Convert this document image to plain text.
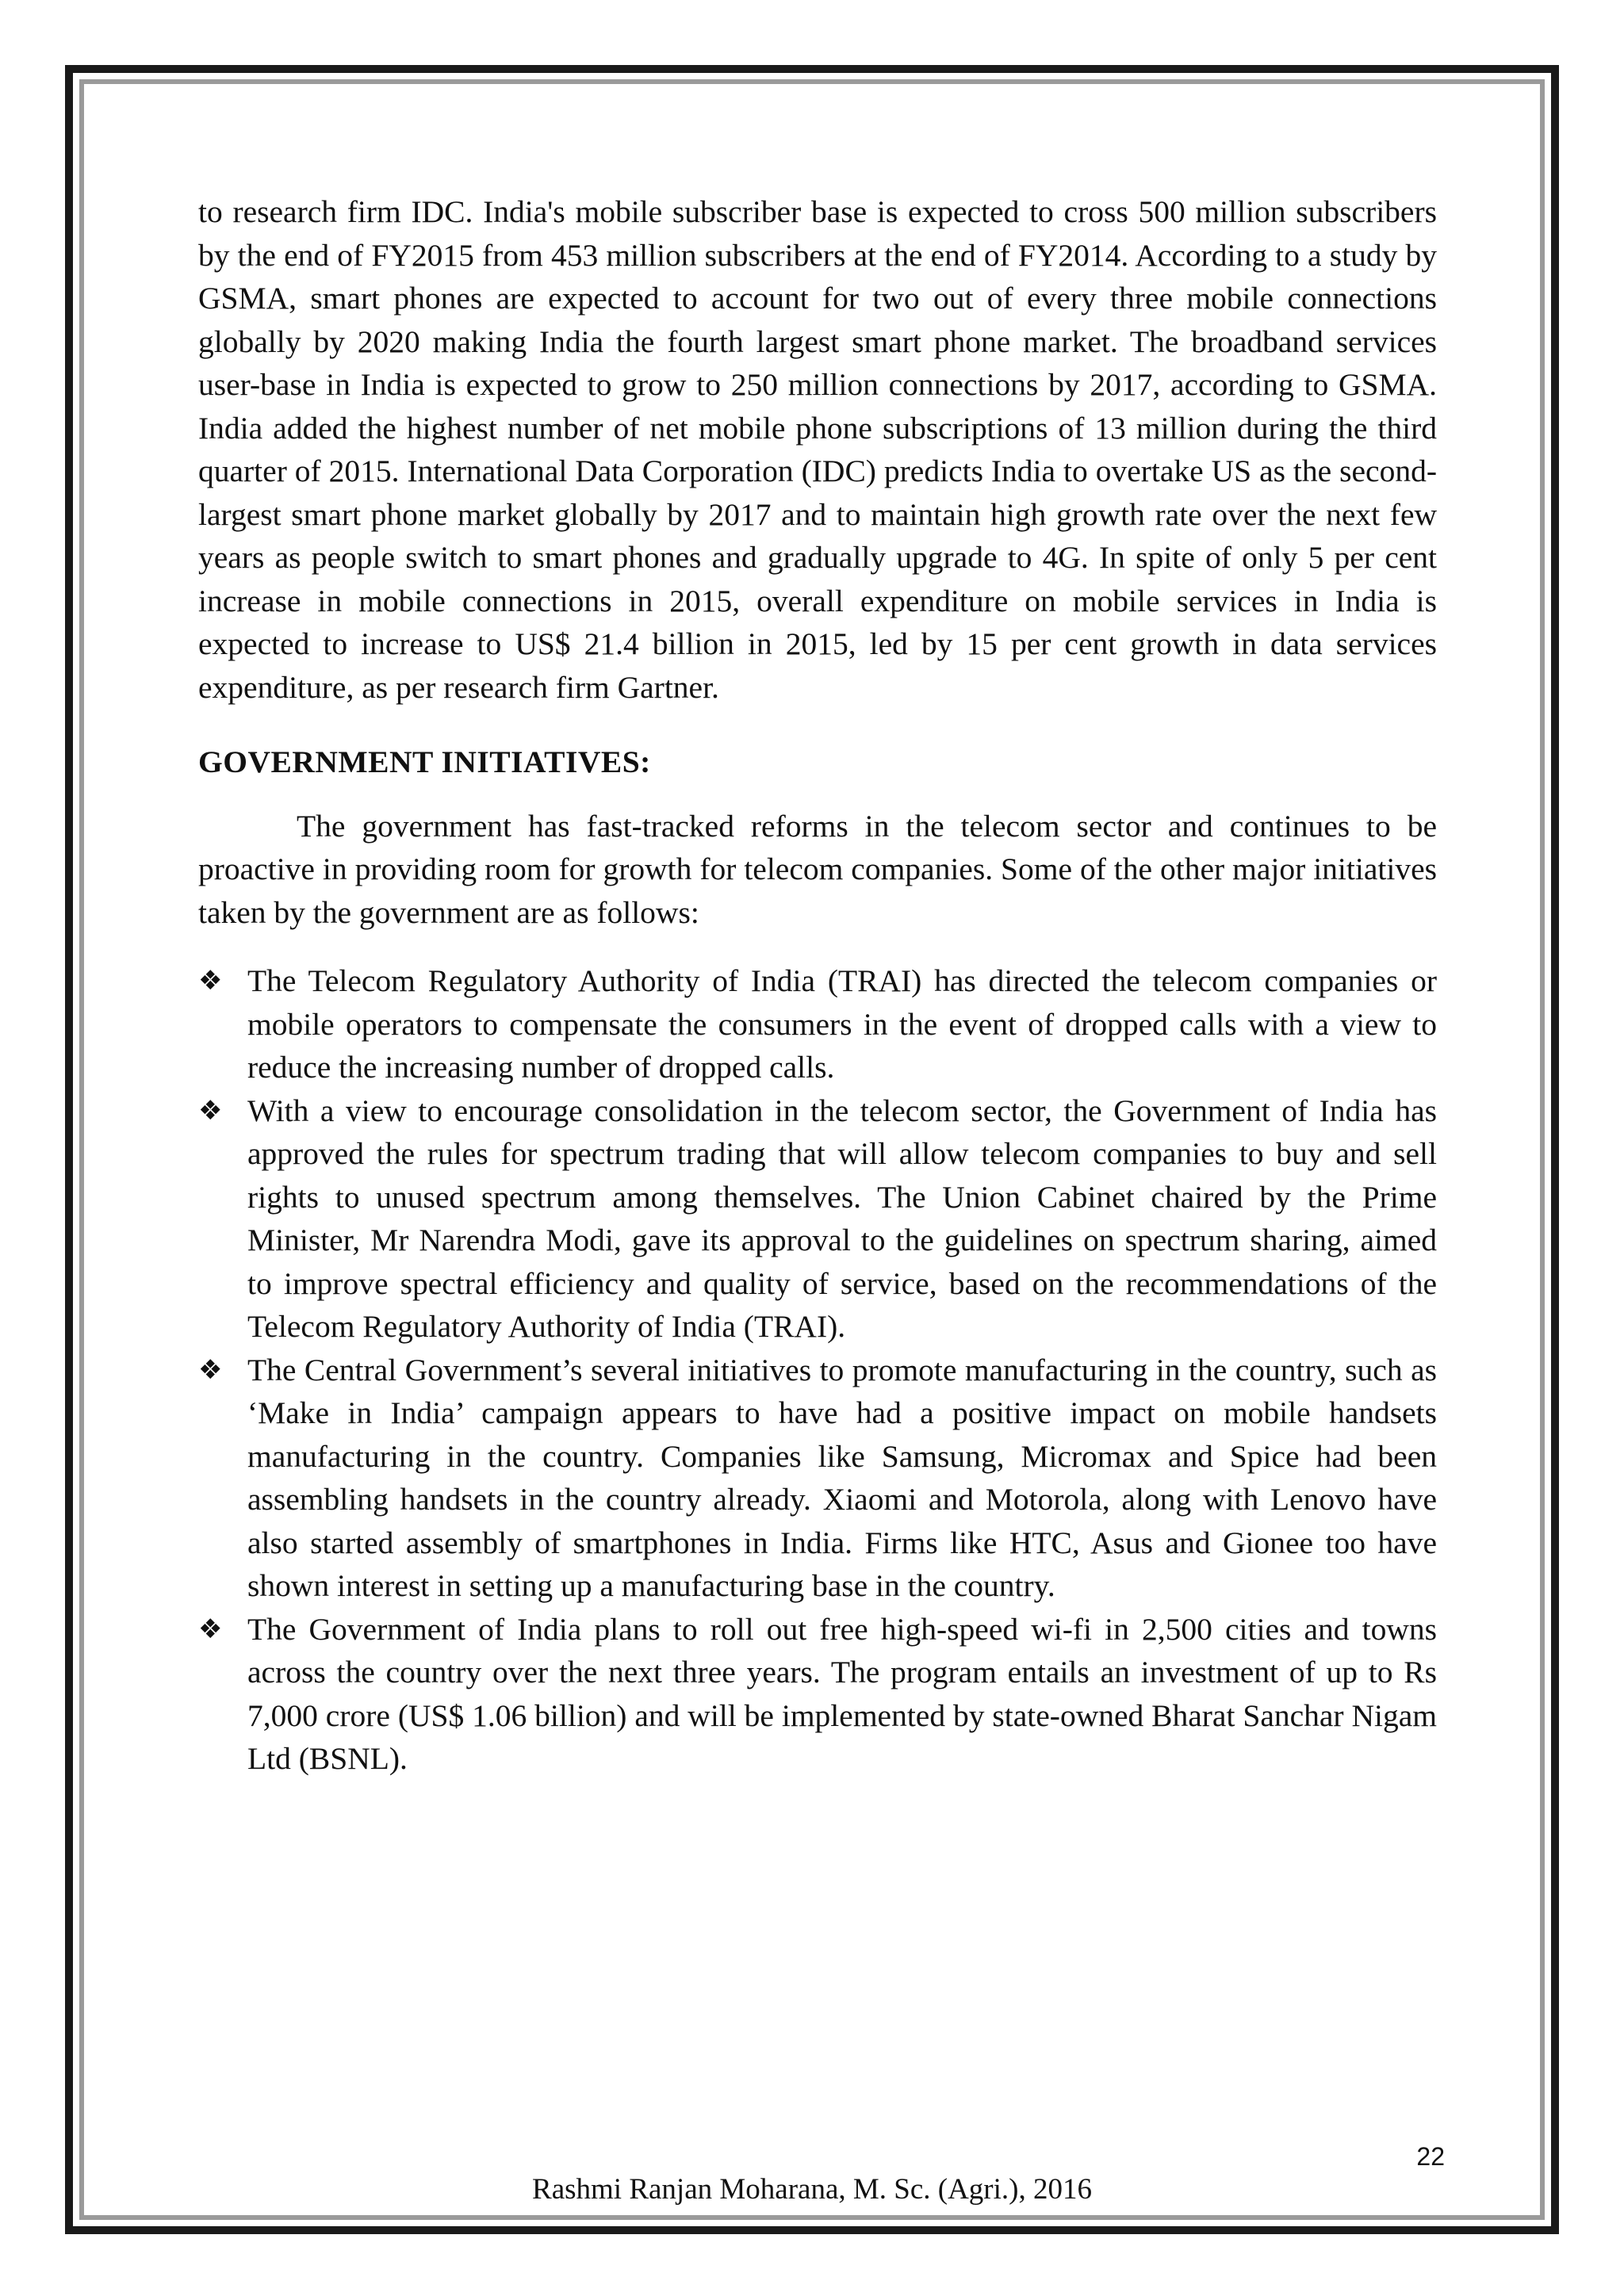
to research firm IDC. India's mobile subscriber base is expected to cross 500 million subscribers by the end of FY2015 from 453 million subscribers at the end of FY2014. According to a study by GSMA, smart phones are expected to account for two out of every three mobile connections globally by 2020 making India the fourth largest smart phone market. The broadband services user-base in India is expected to grow to 250 million connections by 2017, according to GSMA. India added the highest number of net mobile phone subscriptions of 13 million during the third quarter of 2015. International Data Corporation (IDC) predicts India to overtake US as the second-largest smart phone market globally by 2017 and to maintain high growth rate over the next few years as people switch to smart phones and gradually upgrade to 4G. In spite of only 5 per cent increase in mobile connections in 2015, overall expenditure on mobile services in India is expected to increase to US$ 21.4 billion in 2015, led by 15 per cent growth in data services expenditure, as per research firm Gartner.

GOVERNMENT INITIATIVES:

The government has fast-tracked reforms in the telecom sector and continues to be proactive in providing room for growth for telecom companies. Some of the other major initiatives taken by the government are as follows:

❖ The Telecom Regulatory Authority of India (TRAI) has directed the telecom companies or mobile operators to compensate the consumers in the event of dropped calls with a view to reduce the increasing number of dropped calls.
❖ With a view to encourage consolidation in the telecom sector, the Government of India has approved the rules for spectrum trading that will allow telecom companies to buy and sell rights to unused spectrum among themselves. The Union Cabinet chaired by the Prime Minister, Mr Narendra Modi, gave its approval to the guidelines on spectrum sharing, aimed to improve spectral efficiency and quality of service, based on the recommendations of the Telecom Regulatory Authority of India (TRAI).
❖ The Central Government’s several initiatives to promote manufacturing in the country, such as ‘Make in India’ campaign appears to have had a positive impact on mobile handsets manufacturing in the country. Companies like Samsung, Micromax and Spice had been assembling handsets in the country already. Xiaomi and Motorola, along with Lenovo have also started assembly of smartphones in India. Firms like HTC, Asus and Gionee too have shown interest in setting up a manufacturing base in the country.
❖ The Government of India plans to roll out free high-speed wi-fi in 2,500 cities and towns across the country over the next three years. The program entails an investment of up to Rs 7,000 crore (US$ 1.06 billion) and will be implemented by state-owned Bharat Sanchar Nigam Ltd (BSNL).
22
Rashmi Ranjan Moharana, M. Sc. (Agri.), 2016
